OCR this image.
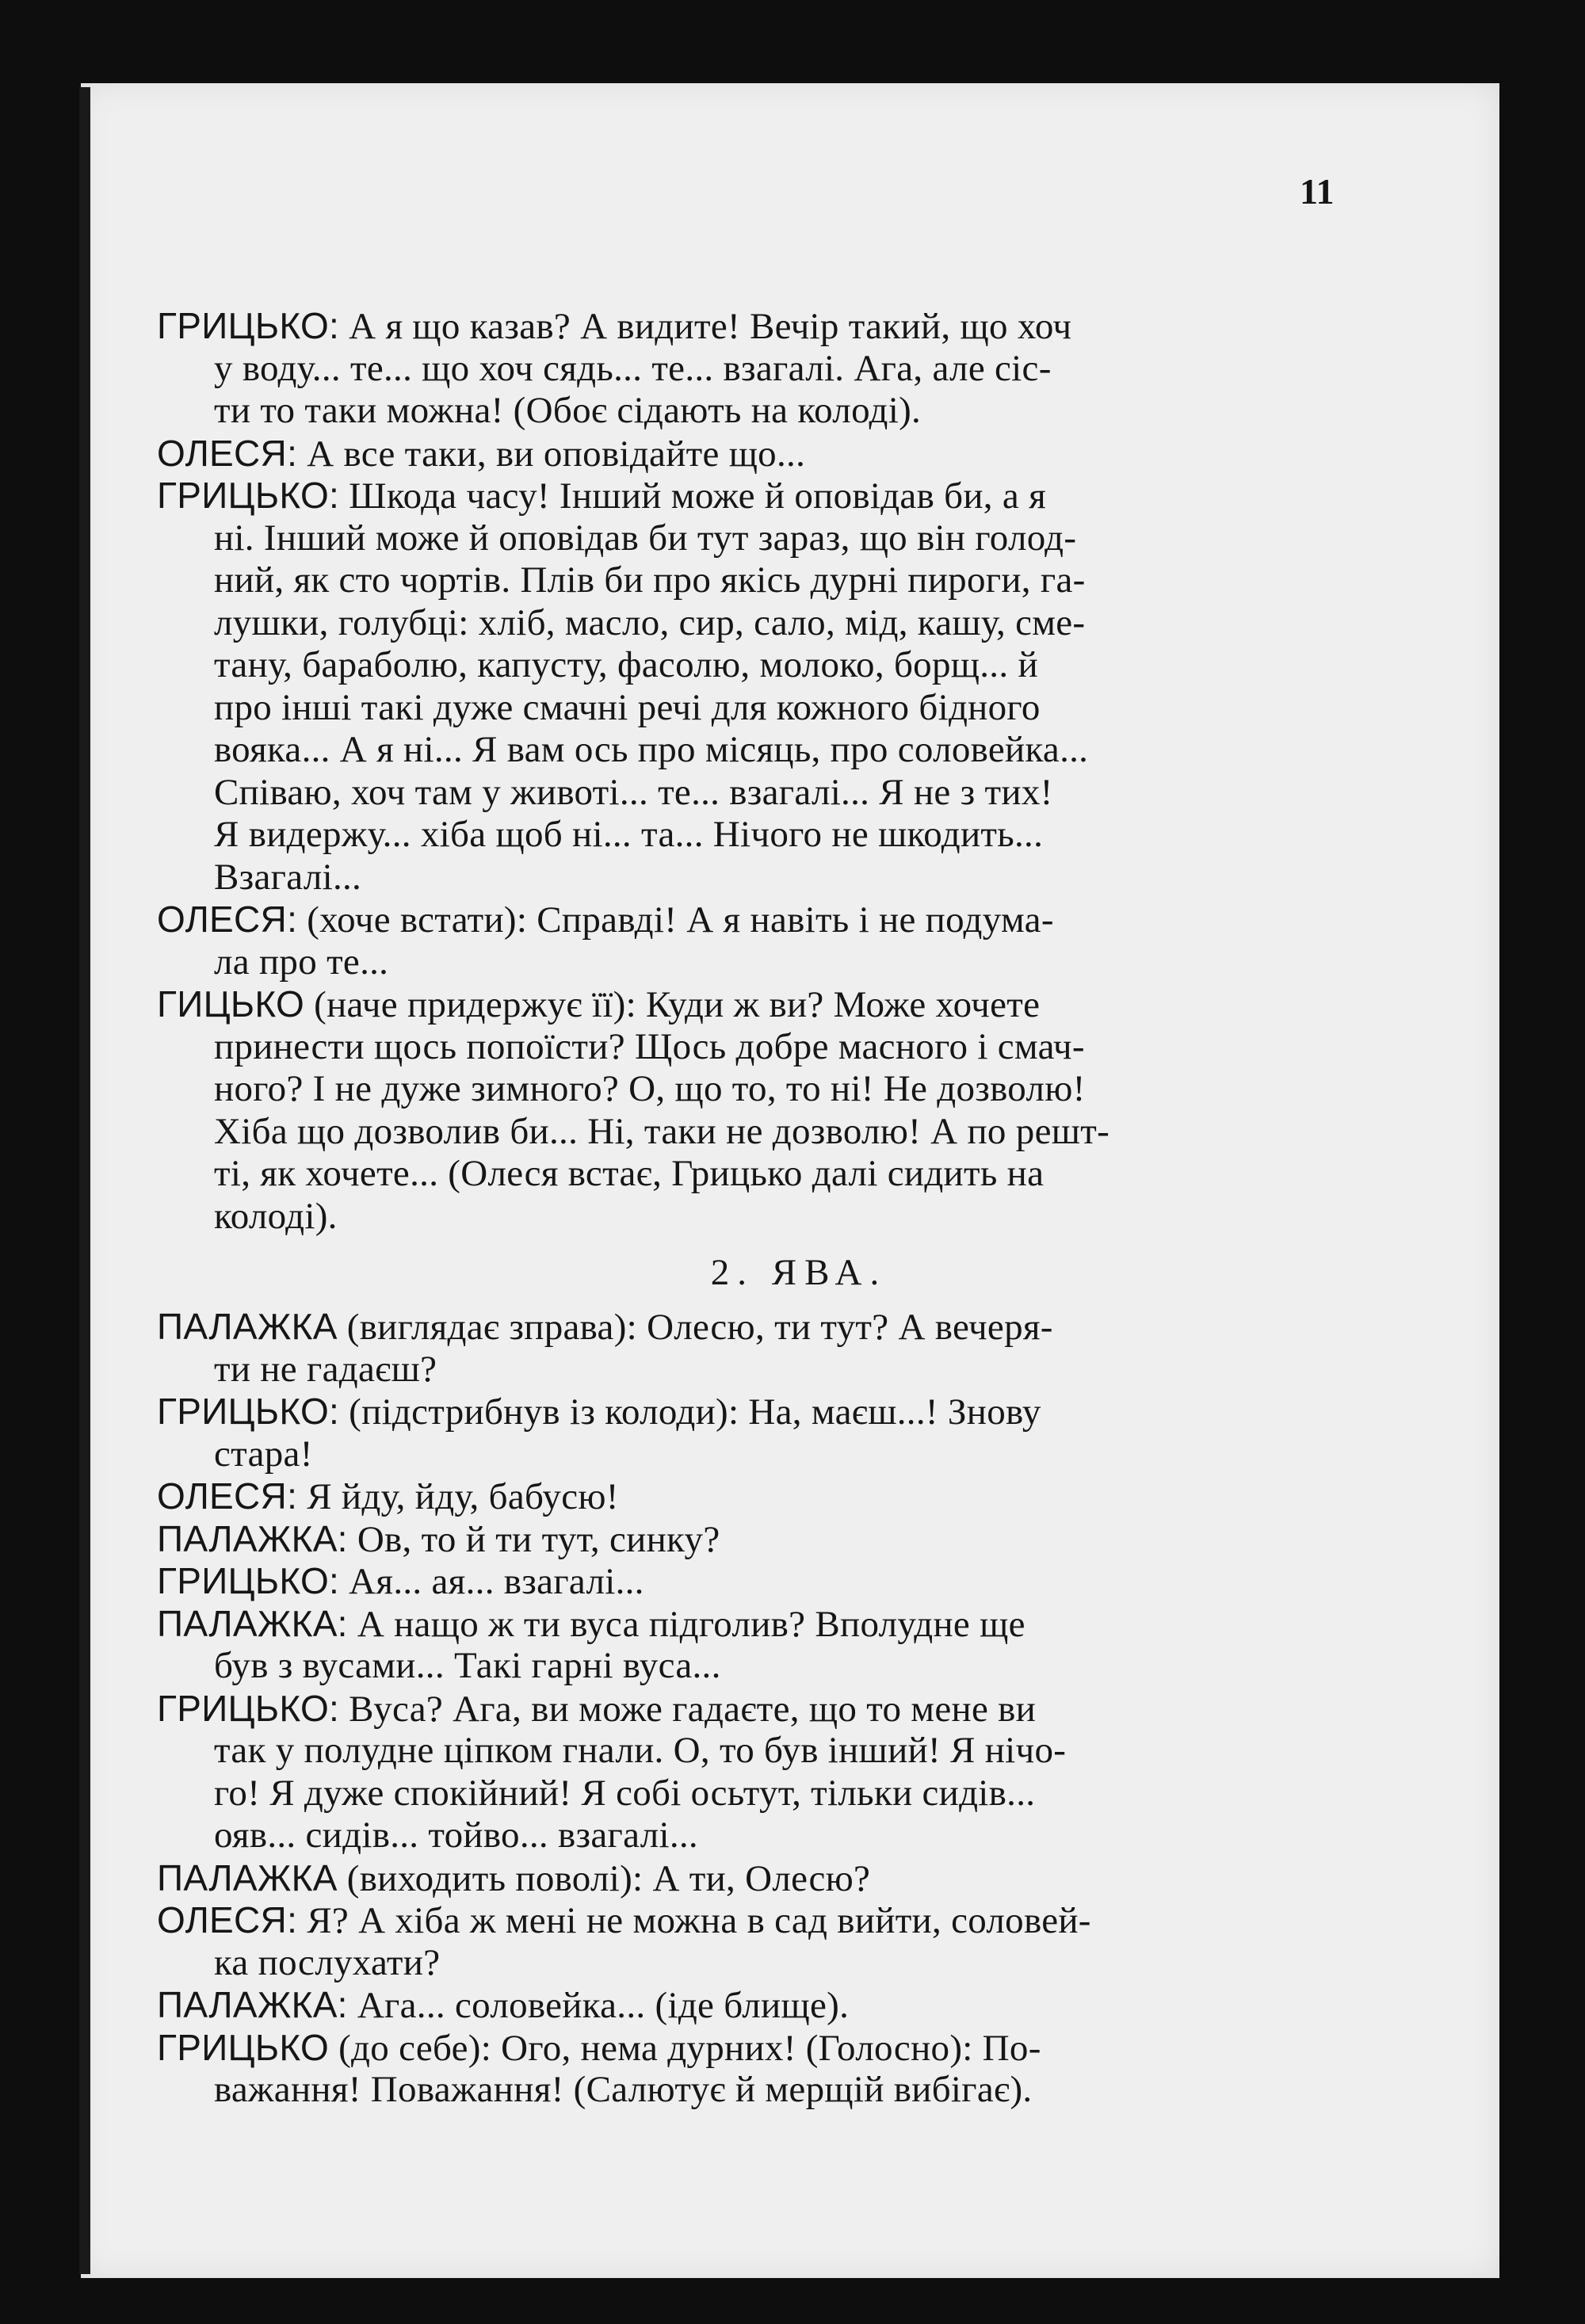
11
ГРИЦЬКО: А я що казав? А видите! Вечір такий, що хоч
у воду... те... що хоч сядь... те... взагалі. Ага, але сіс-
ти то таки можна! (Обоє сідають на колоді).
ОЛЕСЯ: А все таки, ви оповідайте що...
ГРИЦЬКО: Шкода часу! Інший може й оповідав би, а я
ні. Інший може й оповідав би тут зараз, що він голод-
ний, як сто чортів. Плів би про якісь дурні пироги, га-
лушки, голубці: хліб, масло, сир, сало, мід, кашу, смe-
тану, бараболю, капусту, фасолю, молоко, борщ... й
про інші такі дуже смачні речі для кожного бідного
вояка... А я ні... Я вам ось про місяць, про соловейка...
Співаю, хоч там у животі... те... взагалі... Я не з тих!
Я видержу... хіба щоб ні... та... Нічого не шкодить...
Взагалі...
ОЛЕСЯ: (хоче встати): Справді! А я навіть і не подума-
ла про те...
ГИЦЬКО (наче придержує її): Куди ж ви? Може хочете
принести щось попоїсти? Щось добре масного і смач-
ного? І не дуже зимного? О, що то, то ні! Не дозволю!
Хіба що дозволив би... Ні, таки не дозволю! А по решт-
ті, як хочете... (Олеся встає, Грицько далі сидить на
колоді).
2. ЯВА.
ПАЛАЖКА (виглядає зправа): Олесю, ти тут? А вечеря-
ти не гадаєш?
ГРИЦЬКО: (підстрибнув із колоди): На, маєш...! Знову
стара!
ОЛЕСЯ: Я йду, йду, бабусю!
ПАЛАЖКА: Ов, то й ти тут, синку?
ГРИЦЬКО: Ая... ая... взагалі...
ПАЛАЖКА: А нащо ж ти вуса підголив? Вполудне ще
був з вусами... Такі гарні вуса...
ГРИЦЬКО: Вуса? Ага, ви може гадаєте, що то мене ви
так у полудне ціпком гнали. О, то був інший! Я нічо-
го! Я дуже спокійний! Я собі осьтут, тільки сидів...
ояв... сидів... тойво... взагалі...
ПАЛАЖКА (виходить поволі): А ти, Олесю?
ОЛЕСЯ: Я? А хіба ж мені не можна в сад вийти, соловей-
ка послухати?
ПАЛАЖКА: Ага... соловейка... (іде блище).
ГРИЦЬКО (до себе): Ого, нема дурних! (Голосно): По-
важання! Поважання! (Салютує й мерщій вибігає).
